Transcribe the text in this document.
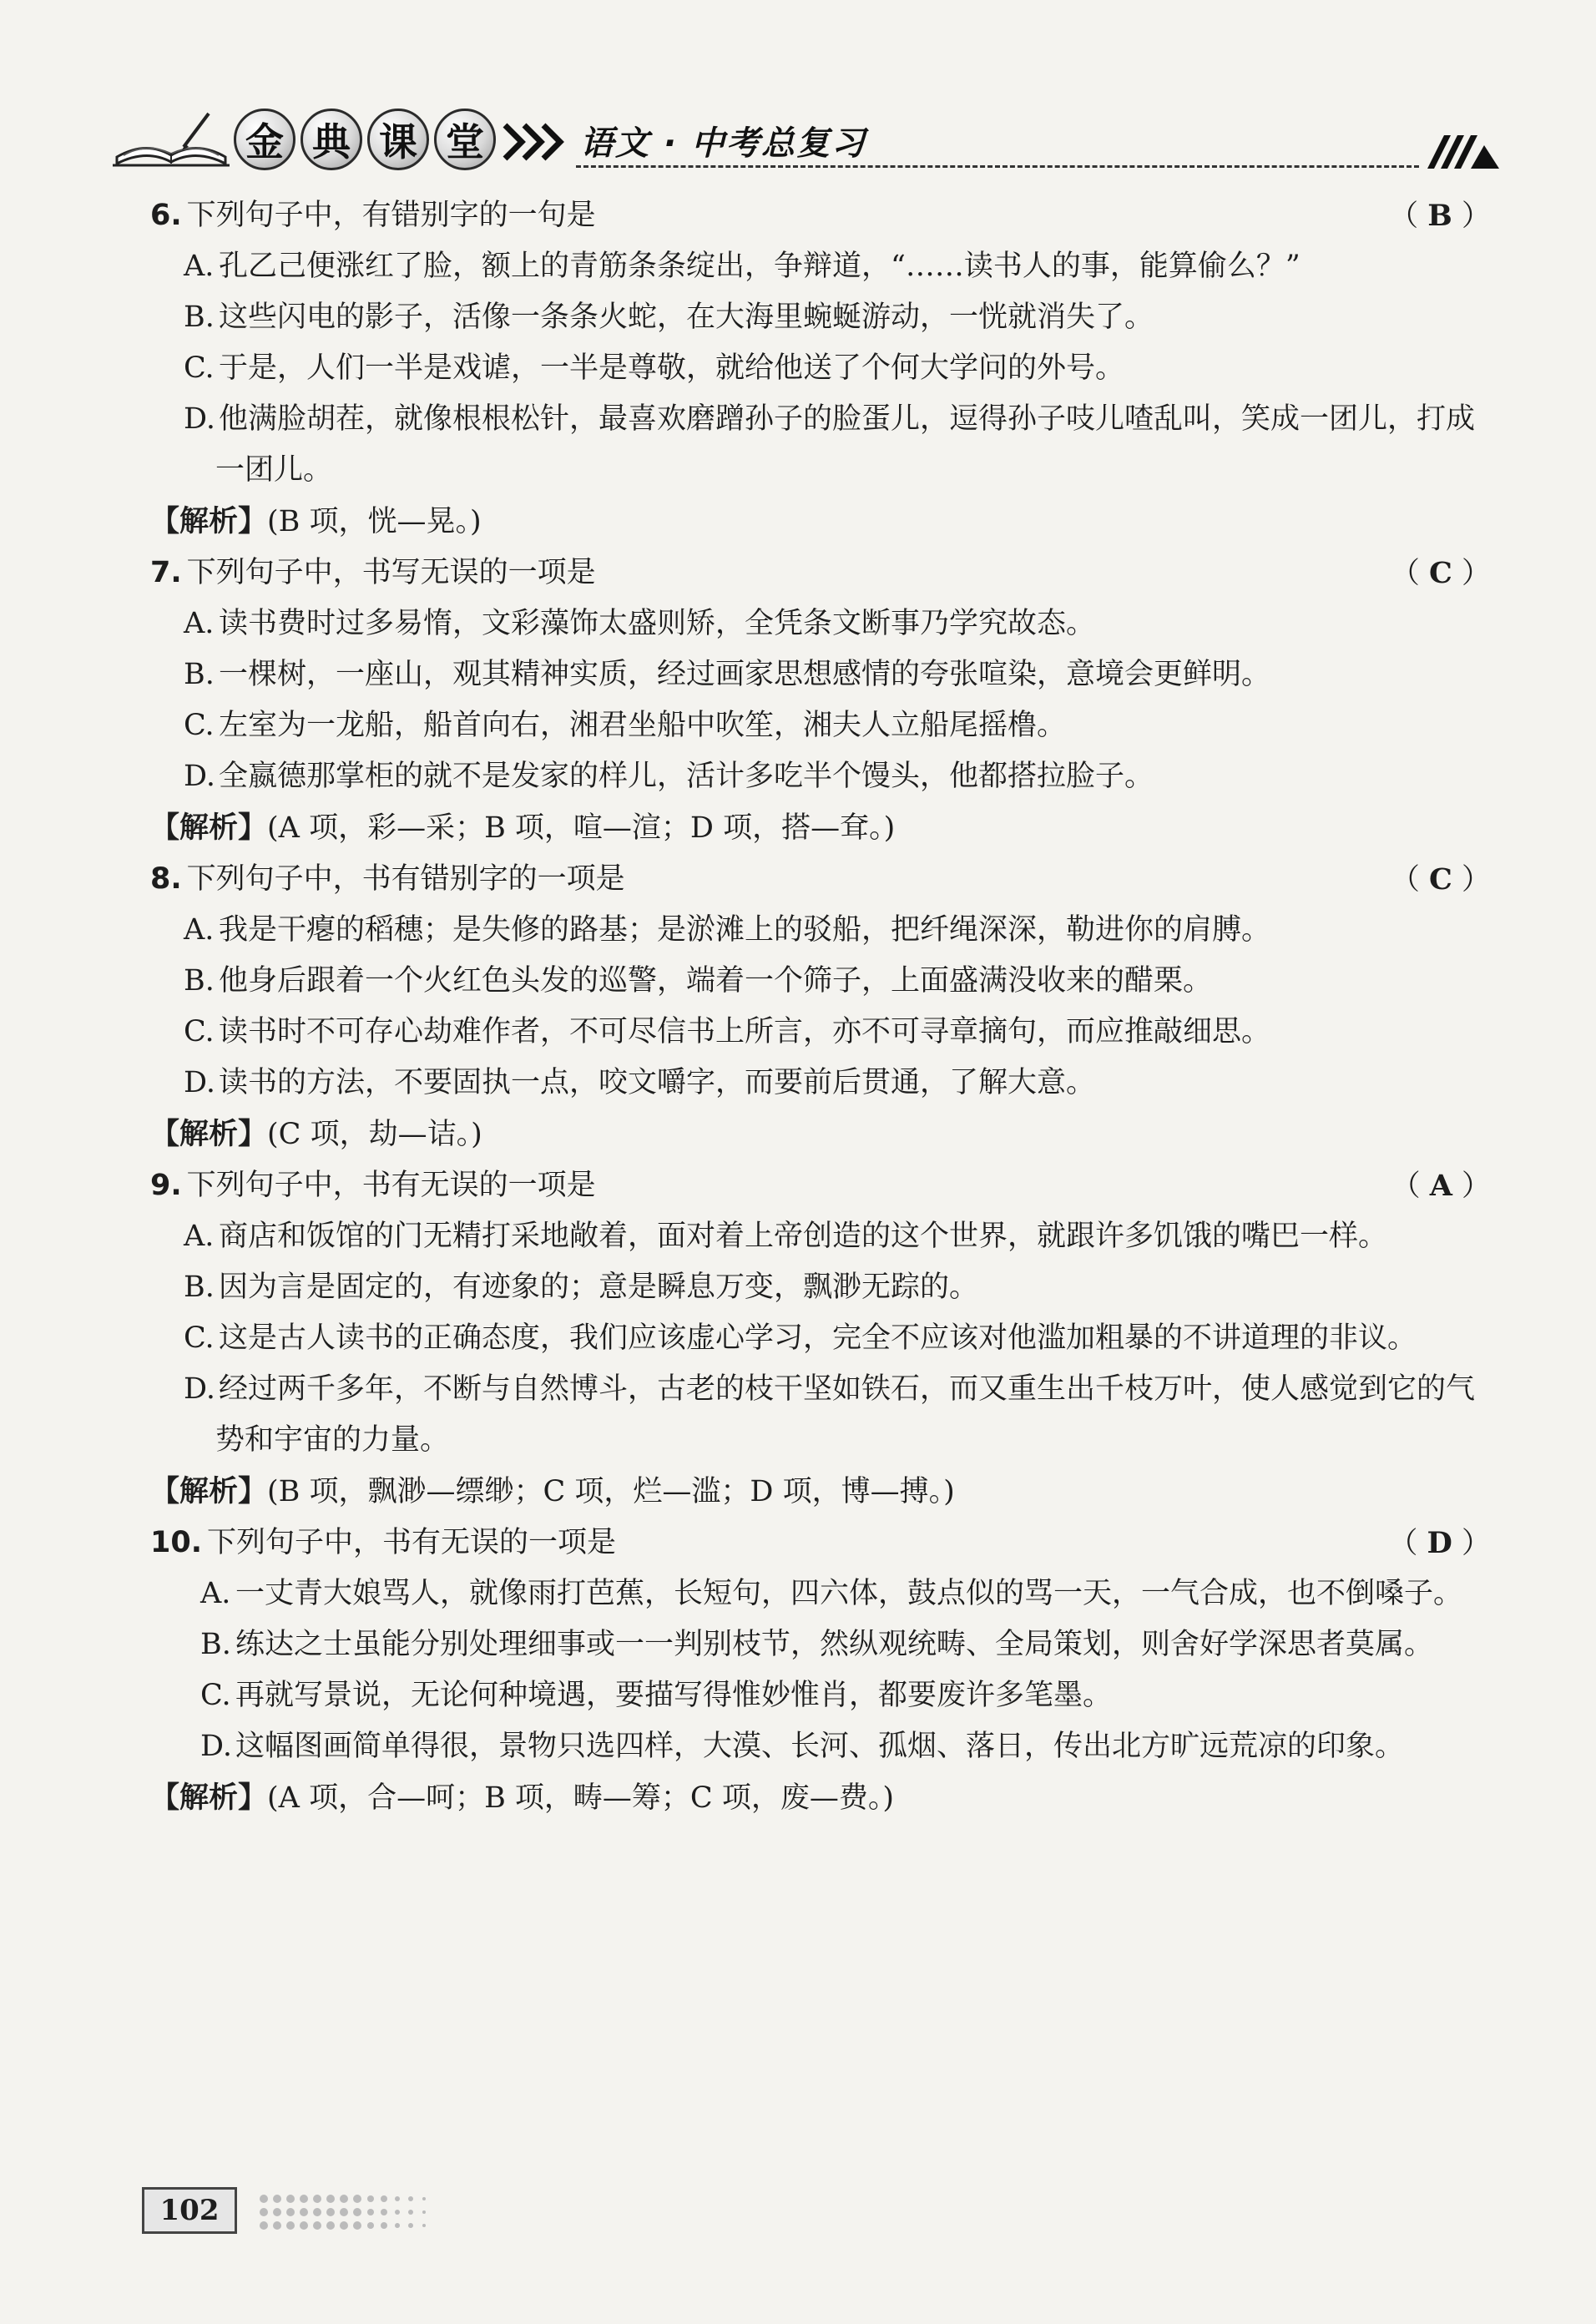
金 典 课 堂	语文 · 中考总复习
6. 下列句子中，有错别字的一句是	（ B ）
A. 孔乙己便涨红了脸，额上的青筋条条绽出，争辩道，“……读书人的事，能算偷么？”
B. 这些闪电的影子，活像一条条火蛇，在大海里蜿蜒游动，一恍就消失了。
C. 于是，人们一半是戏谑，一半是尊敬，就给他送了个何大学问的外号。
D. 他满脸胡茬，就像根根松针，最喜欢磨蹭孙子的脸蛋儿，逗得孙子吱儿喳乱叫，笑成一团儿，打成一团儿。
【解析】(B 项，恍—晃。)
7. 下列句子中，书写无误的一项是	（ C ）
A. 读书费时过多易惰，文彩藻饰太盛则矫，全凭条文断事乃学究故态。
B. 一棵树，一座山，观其精神实质，经过画家思想感情的夸张喧染，意境会更鲜明。
C. 左室为一龙船，船首向右，湘君坐船中吹笙，湘夫人立船尾摇橹。
D. 全嬴德那掌柜的就不是发家的样儿，活计多吃半个馒头，他都搭拉脸子。
【解析】(A 项，彩—采；B 项，喧—渲；D 项，搭—耷。)
8. 下列句子中，书有错别字的一项是	（ C ）
A. 我是干瘪的稻穗；是失修的路基；是淤滩上的驳船，把纤绳深深，勒进你的肩膊。
B. 他身后跟着一个火红色头发的巡警，端着一个筛子，上面盛满没收来的醋栗。
C. 读书时不可存心劫难作者，不可尽信书上所言，亦不可寻章摘句，而应推敲细思。
D. 读书的方法，不要固执一点，咬文嚼字，而要前后贯通，了解大意。
【解析】(C 项，劫—诘。)
9. 下列句子中，书有无误的一项是	（ A ）
A. 商店和饭馆的门无精打采地敞着，面对着上帝创造的这个世界，就跟许多饥饿的嘴巴一样。
B. 因为言是固定的，有迹象的；意是瞬息万变，飘渺无踪的。
C. 这是古人读书的正确态度，我们应该虚心学习，完全不应该对他滥加粗暴的不讲道理的非议。
D. 经过两千多年，不断与自然博斗，古老的枝干坚如铁石，而又重生出千枝万叶，使人感觉到它的气势和宇宙的力量。
【解析】(B 项，飘渺—缥缈；C 项，烂—滥；D 项，博—搏。)
10. 下列句子中，书有无误的一项是	（ D ）
A. 一丈青大娘骂人，就像雨打芭蕉，长短句，四六体，鼓点似的骂一天，一气合成，也不倒嗓子。
B. 练达之士虽能分别处理细事或一一判别枝节，然纵观统畴、全局策划，则舍好学深思者莫属。
C. 再就写景说，无论何种境遇，要描写得惟妙惟肖，都要废许多笔墨。
D. 这幅图画简单得很，景物只选四样，大漠、长河、孤烟、落日，传出北方旷远荒凉的印象。
【解析】(A 项，合—呵；B 项，畴—筹；C 项，废—费。)
102
